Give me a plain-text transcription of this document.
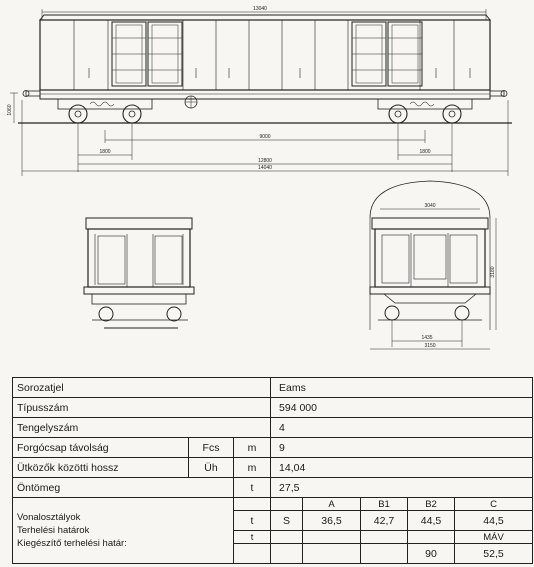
13040
9000
1800	1800
12800
14040
1060
3040
3180
1435
3150
Sorozatjel			Eams				
Típusszám			594 000				
Tengelyszám			4				
Forgócsap távolság	Fcs	m	9				
Ütközők közötti hossz	Üh	m	14,04				
Öntömeg		t	27,5				

Vonalosztályok
Terhelési határok
Kiegészítő terhelési határ:				A	B1	B2	C
		t	S	36,5	42,7	44,5	44,5
		t					MÁV
						90	52,5
